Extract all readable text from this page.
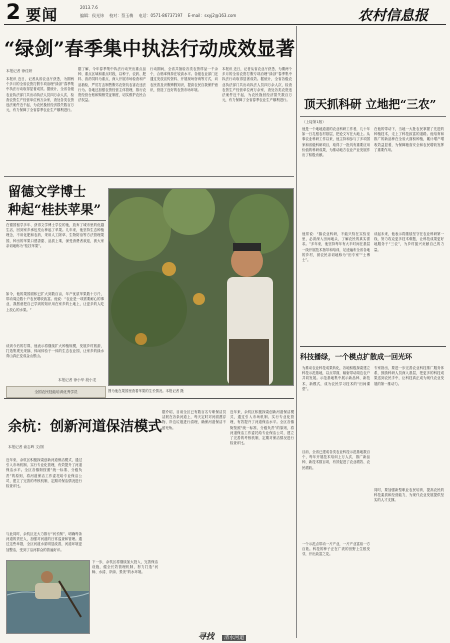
2 要闻	2013.7.6
编辑：侯光炜 校对：蔡玉梅 电话：0571-86737197 E-mail：sxyj2@163.com	农村信息报
“绿剑”春季集中执法行动成效显著
本报记者 徐佳妍
本报讯 近日，记者从省农业厅获悉，为期两个多月的全省农资打假专项治理“绿剑”春季集中执法行动取得显著成效。据统计，全省各级农业执法部门共出动执法人员四万余人次，检查农资生产经营单位两万余家，查处各类农资违法案件近千起，为农民挽回经济损失数百万元，有力保障了全省春季农业生产顺利进行。
据了解，今年春季集中执法行动突出重点品种、重点区域和重点时段，以种子、农药、肥料、兽药饲料为重点，深入开展市场检查和产品抽检，严厉打击制售假劣农资坑农害农违法行为。各地还加强农资经营主体管理，推行农资经营台账和购销凭证制度，切实维护农民合法权益。
行动期间，全省共抽检各类农资样品一千余个，合格率保持在较高水平。各级农业部门还通过发放宣传资料、开展现场咨询等方式，向农民普及识假辨假知识，提高农民自我保护意识，营造了良好的农资市场环境。
本报讯 近日，记者从省农业厅获悉，为期两个多月的全省农资打假专项治理“绿剑”春季集中执法行动取得显著成效。据统计，全省各级农业执法部门共出动执法人员四万余人次，检查农资生产经营单位两万余家，查处各类农资违法案件近千起，为农民挽回经济损失数百万元，有力保障了全省春季农业生产顺利进行。
留德文学博士
种起“桂扶苹果”
在德国留学多年、获得文学博士学位的他，放弃了城市里的优越生活，回到家乡承包荒山种起了苹果。几年来，他坚持生态种植理念，不用化肥和农药，采用人工除草、生物防治等方法管理果园，种出的苹果口感香甜、品质上乘，深受消费者欢迎，被大家亲切地称为“桂扶苹果”。
如今，他的果园面积已扩大到数百亩，年产优质苹果数十万斤，带动周边数十户农民增收致富。他说：“农业是一项需要耐心的事业，我愿意把自己学到的知识用在家乡的土地上，让更多的人吃上放心的水果。”
谈到今后的打算，他表示将继续扩大种植规模，发展乡村旅游，打造集观光采摘、休闲体验于一体的生态农业园，让家乡的绿水青山真正变成金山银山。
本报记者 徐小华 段小龙
全国农民技能培训优秀学员	图为他在果园里查看苹果的生长情况。本报记者 摄
余杭：创新河道保洁模式
本报记者 俞志晖 文/图
近年来，余杭区积极探索创新河道保洁模式，通过引入市场机制、实行专业化管理，有效提升了河道保洁水平。全区各镇街按照“统一标准、分级负责”的原则，将河道保洁工作委托给专业保洁公司，建立了完善的考核机制，定期对保洁情况进行检查评比。
与此同时，余杭区还大力推行“河长制”，明确每条河道的责任人，加强对河道的日常巡查和管理。通过这些举措，全区河道水质明显改善，河道环境更加整洁，受到了沿河群众的普遍好评。
下一步，余杭区将继续加大投入，完善保洁设施，健全长效管理机制，努力打造“河畅、水清、岸绿、景美”的水环境。
据介绍，目前全区已有数百名专职保洁员活跃在各条河道上，每天定时对河面漂浮物、岸边垃圾进行清理，确保河道保洁不留死角。
近年来，余杭区积极探索创新河道保洁模式，通过引入市场机制、实行专业化管理，有效提升了河道保洁水平。全区各镇街按照“统一标准、分级负责”的原则，将河道保洁工作委托给专业保洁公司，建立了完善的考核机制，定期对保洁情况进行检查评比。
寻找 清水河道
顶天抓科研 立地把“三农”
（上接第1版）
他是一个地地道道的农业科研工作者，几十年如一日扎根农村基层，把论文写在大地上。从事农业科研工作以来，他主持和参与了多项国家和省级科研项目，取得了一批具有重要应用价值的科研成果，为推动地方农业产业发展作出了积极贡献。
他常说：“搞农业科研，不能只待在实验室里，必须深入田间地头，了解农民的真实需求。”多年来，他坚持每年有大半时间在基层一线开展技术指导和培训，足迹遍布全省各地的乡村，被农民亲切地称为“田专家”“土博士”。
在他的带动下，当地一大批农民掌握了先进的种植技术，走上了科技致富的道路。他培育和推广的新品种在全省大面积种植，累计增产增收效益显著，为保障粮食安全和农民增收发挥了重要作用。
谈起未来，他表示将继续坚守在农业科研第一线，努力攻克更多技术难题，让科技成果更好地服务于“三农”，为乡村振兴贡献自己的力量。
科技播绿，一个模点扩散成一回光环
为推动农业科技成果转化，各地积极探索建立科技示范基地，以点带面，辐射带动周边农户共同发展。示范基地集中展示新品种、新技术、新模式，成为农民学习技术的“田间课堂”。
目前，全省已建成各类农业科技示范基地数百个，每年开展技术培训上万人次，推广新品种、新技术数百项，有效促进了农业增效、农民增收。
一个示范点带动一片产业，一片产业富裕一方百姓。科技的种子正在广袤的田野上生根发芽，开出致富之花。
专家指出，要进一步完善农业科技推广服务体系，鼓励科研人员深入基层，把更多的科技成果送到农民手中，让科技真正成为现代农业发展的第一推动力。
同时，要加强新型职业农民培育，提高农民的科技素质和经营能力，为现代农业发展提供坚实的人才支撑。
